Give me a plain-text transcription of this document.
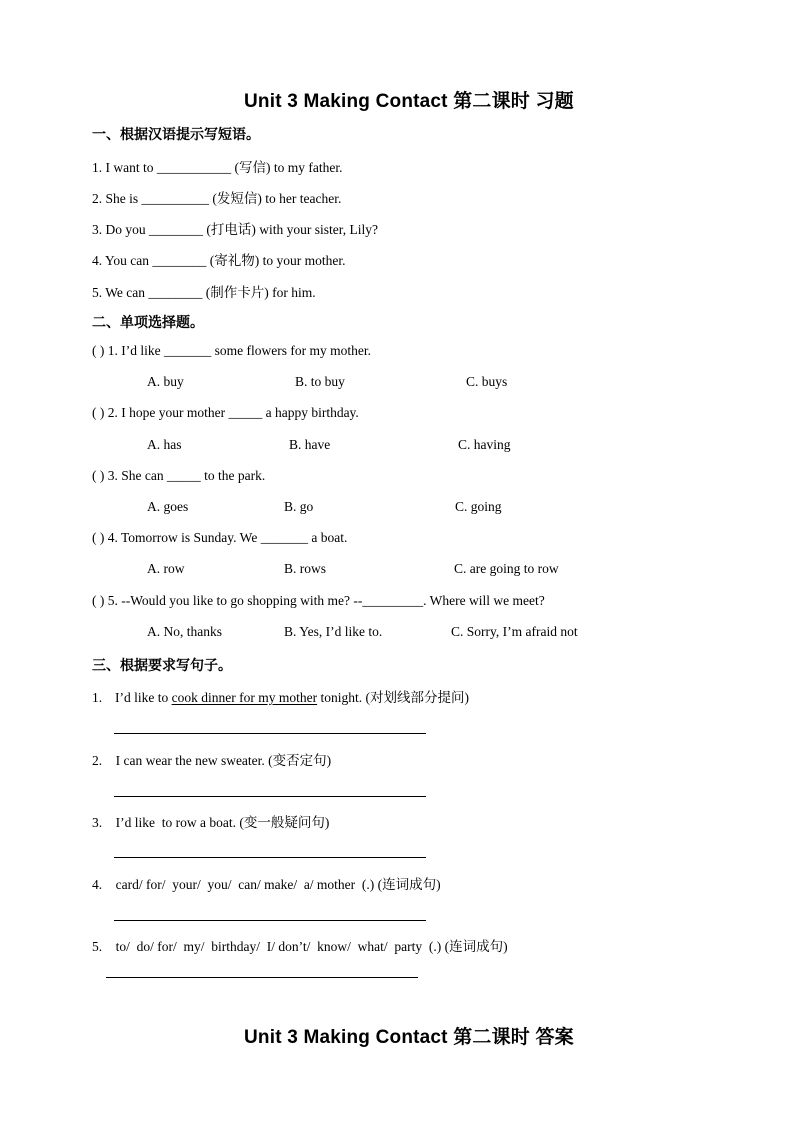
Unit 3 Making Contact 第二课时 习题
一、根据汉语提示写短语。
1. I want to ___________ (写信) to my father.
2. She is __________ (发短信) to her teacher.
3. Do you ________ (打电话) with your sister, Lily?
4. You can ________ (寄礼物) to your mother.
5. We can ________ (制作卡片) for him.
二、单项选择题。
( ) 1. I’d like _______ some flowers for my mother.
A. buy	B. to buy	C. buys
( ) 2. I hope your mother _____ a happy birthday.
A. has	B. have	C. having
( ) 3. She can _____ to the park.
A. goes	B. go	C. going
( ) 4. Tomorrow is Sunday. We _______ a boat.
A. row	B. rows	C. are going to row
( ) 5. --Would you like to go shopping with me? --_________. Where will we meet?
A. No, thanks	B. Yes, I’d like to.	C. Sorry, I’m afraid not
三、根据要求写句子。
1. I’d like to cook dinner for my mother tonight. (对划线部分提问)
2.    I can wear the new sweater. (变否定句)
3.    I’d like  to row a boat. (变一般疑问句)
4.    card/ for/  your/  you/  can/ make/  a/ mother  (.) (连词成句)
5.    to/  do/ for/  my/  birthday/  I/ don’t/  know/  what/  party  (.) (连词成句)
Unit 3 Making Contact 第二课时 答案
